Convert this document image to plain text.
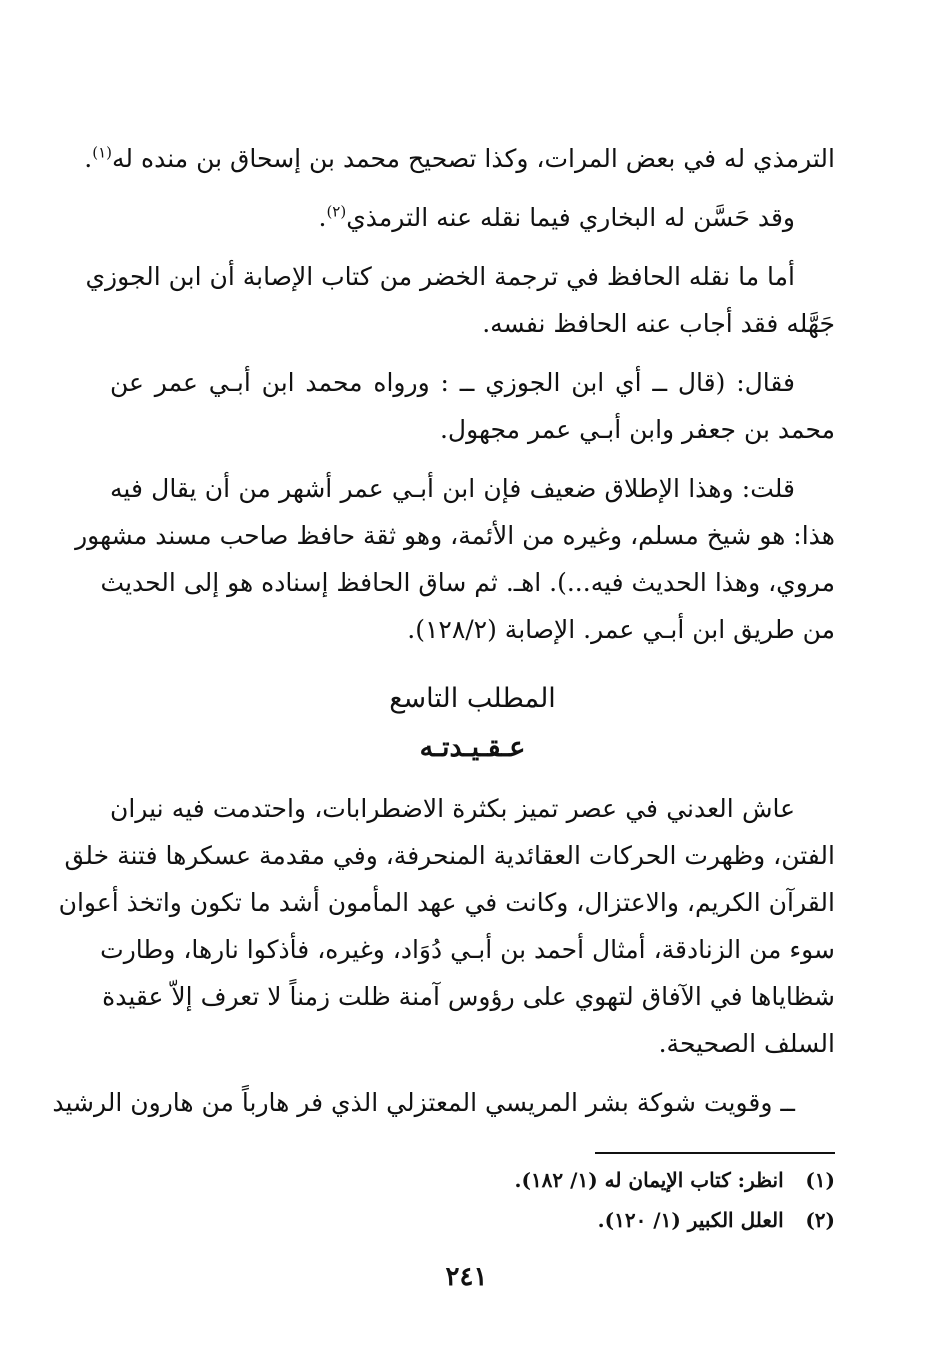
الترمذي له في بعض المرات، وكذا تصحيح محمد بن إسحاق بن منده له$^{(١)}$.

وقد حَسَّن له البخاري فيما نقله عنه الترمذي$^{(٢)}$.

أما ما نقله الحافظ في ترجمة الخضر من كتاب الإصابة أن ابن الجوزي
جَهَّله فقد أجاب عنه الحافظ نفسه.

فقال: (قال ــ أي ابن الجوزي ــ : ورواه محمد ابن أبـي عمر عن
محمد بن جعفر وابن أبـي عمر مجهول.

قلت: وهذا الإطلاق ضعيف فإن ابن أبـي عمر أشهر من أن يقال فيه
هذا: هو شيخ مسلم، وغيره من الأئمة، وهو ثقة حافظ صاحب مسند مشهور
مروي، وهذا الحديث فيه...). اهـ. ثم ساق الحافظ إسناده هو إلى الحديث
من طريق ابن أبـي عمر. الإصابة (١٢٨/٢).

المطلب التاسع
عـقـيـدتـه

عاش العدني في عصر تميز بكثرة الاضطرابات، واحتدمت فيه نيران
الفتن، وظهرت الحركات العقائدية المنحرفة، وفي مقدمة عسكرها فتنة خلق
القرآن الكريم، والاعتزال، وكانت في عهد المأمون أشد ما تكون واتخذ أعوان
سوء من الزنادقة، أمثال أحمد بن أبـي دُوَاد، وغيره، فأذكوا نارها، وطارت
شظاياها في الآفاق لتهوي على رؤوس آمنة ظلت زمناً لا تعرف إلاّ عقيدة
السلف الصحيحة.

ــ وقويت شوكة بشر المريسي المعتزلي الذي فر هارباً من هارون الرشيد

(١) انظر: كتاب الإيمان له (١/ ١٨٢).
(٢) العلل الكبير (١/ ١٢٠).
٢٤١
